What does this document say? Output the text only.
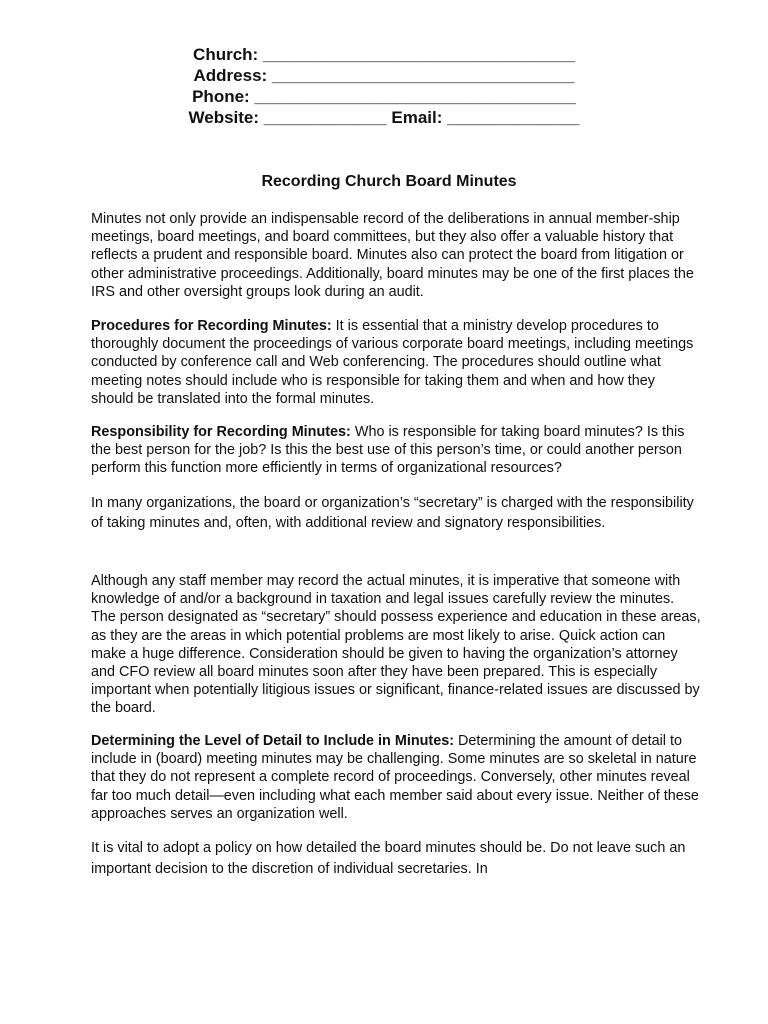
Church: _________________________________
Address: ________________________________
Phone: __________________________________
Website: _____________ Email: ______________
Recording Church Board Minutes

Minutes not only provide an indispensable record of the deliberations in annual member-ship meetings, board meetings, and board committees, but they also offer a valuable history that reflects a prudent and responsible board. Minutes also can protect the board from litigation or other administrative proceedings. Additionally, board minutes may be one of the first places the IRS and other oversight groups look during an audit.

Procedures for Recording Minutes: It is essential that a ministry develop procedures to thoroughly document the proceedings of various corporate board meetings, including meetings conducted by conference call and Web conferencing. The procedures should outline what meeting notes should include who is responsible for taking them and when and how they should be translated into the formal minutes.

Responsibility for Recording Minutes: Who is responsible for taking board minutes? Is this the best person for the job? Is this the best use of this person’s time, or could another person perform this function more efficiently in terms of organizational resources?

In many organizations, the board or organization’s “secretary” is charged with the responsibility of taking minutes and, often, with additional review and signatory responsibilities.

Although any staff member may record the actual minutes, it is imperative that someone with knowledge of and/or a background in taxation and legal issues carefully review the minutes. The person designated as “secretary” should possess experience and education in these areas, as they are the areas in which potential problems are most likely to arise. Quick action can make a huge difference. Consideration should be given to having the organization’s attorney and CFO review all board minutes soon after they have been prepared. This is especially important when potentially litigious issues or significant, finance-related issues are discussed by the board.

Determining the Level of Detail to Include in Minutes: Determining the amount of detail to include in (board) meeting minutes may be challenging. Some minutes are so skeletal in nature that they do not represent a complete record of proceedings. Conversely, other minutes reveal far too much detail—even including what each member said about every issue. Neither of these approaches serves an organization well.

It is vital to adopt a policy on how detailed the board minutes should be. Do not leave such an important decision to the discretion of individual secretaries. In
